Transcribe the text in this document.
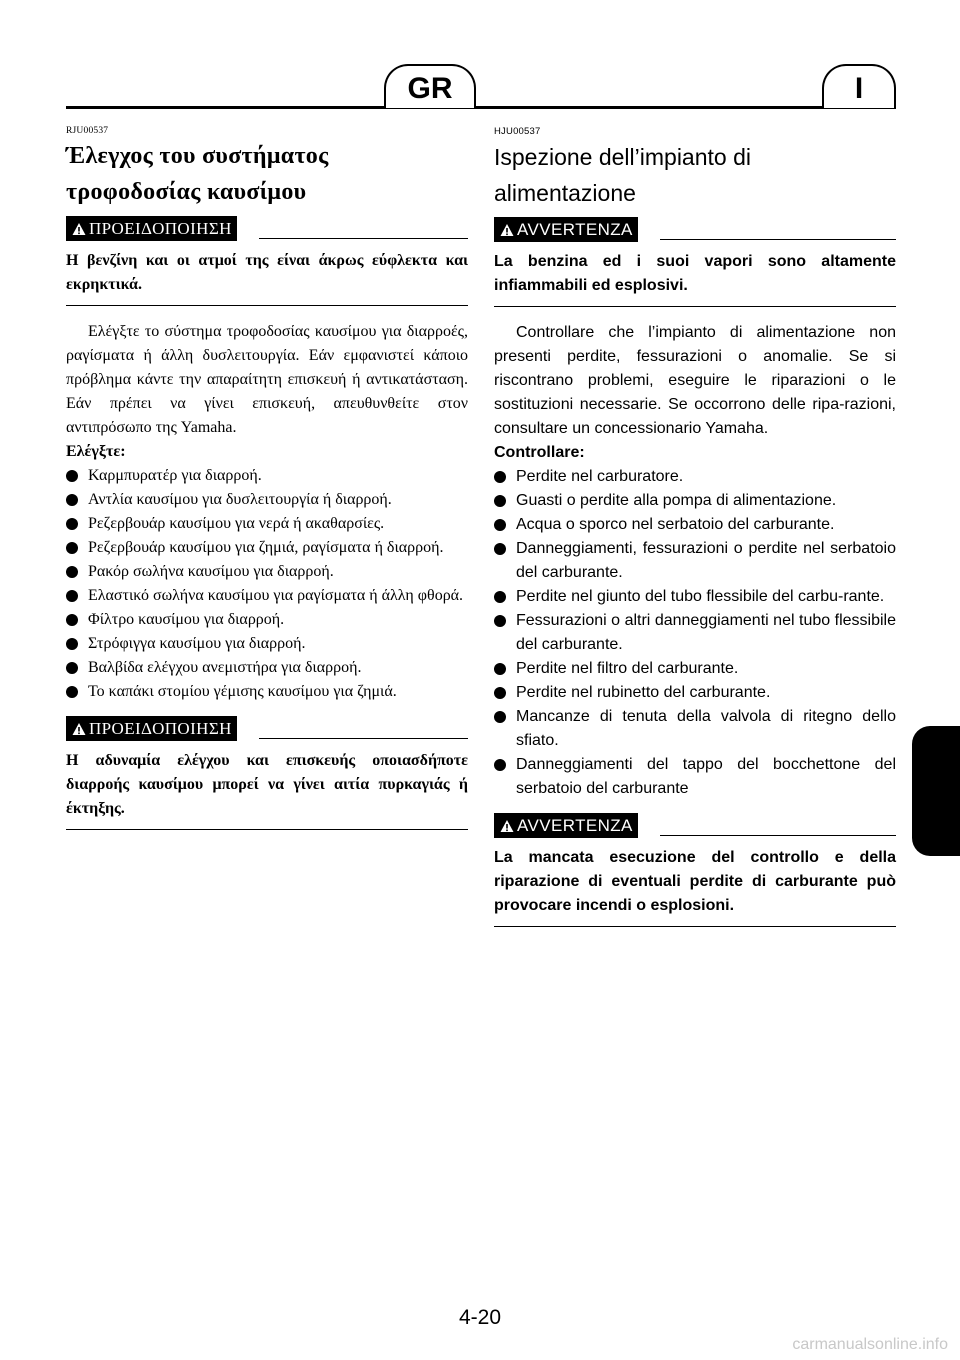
GR	I
RJU00537
Έλεγχος του συστήματος
τροφοδοσίας καυσίμου
ΠΡΟΕΙΔΟΠΟΙΗΣΗ
Η βενζίνη και οι ατμοί της είναι άκρως εύφλεκτα και εκρηκτικά.
Ελέγξτε το σύστημα τροφοδοσίας καυσίμου για διαρροές, ραγίσματα ή άλλη δυσλειτουργία. Εάν εμφανιστεί κάποιο πρόβλημα κάντε την απαραίτητη επισκευή ή αντικατάσταση. Εάν πρέπει να γίνει επισκευή, απευθυνθείτε στον αντιπρόσωπο της Yamaha.
Ελέγξτε:
Καρμπυρατέρ για διαρροή.
Αντλία καυσίμου για δυσλειτουργία ή διαρροή.
Ρεζερβουάρ καυσίμου για νερά ή ακαθαρσίες.
Ρεζερβουάρ καυσίμου για ζημιά, ραγίσματα ή διαρροή.
Ρακόρ σωλήνα καυσίμου για διαρροή.
Ελαστικό σωλήνα καυσίμου για ραγίσματα ή άλλη φθορά.
Φίλτρο καυσίμου για διαρροή.
Στρόφιγγα καυσίμου για διαρροή.
Βαλβίδα ελέγχου ανεμιστήρα για διαρροή.
Το καπάκι στομίου γέμισης καυσίμου για ζημιά.
ΠΡΟΕΙΔΟΠΟΙΗΣΗ
Η αδυναμία ελέγχου και επισκευής οποιασδήποτε διαρροής καυσίμου μπορεί να γίνει αιτία πυρκαγιάς ή έκτηξης.
HJU00537
Ispezione dell’impianto di
alimentazione
AVVERTENZA
La benzina ed i suoi vapori sono altamente infiammabili ed esplosivi.
Controllare che l’impianto di alimentazione non presenti perdite, fessurazioni o anomalie. Se si riscontrano problemi, eseguire le riparazioni o le sostituzioni necessarie. Se occorrono delle ripa-razioni, consultare un concessionario Yamaha.
Controllare:
Perdite nel carburatore.
Guasti o perdite alla pompa di alimentazione.
Acqua o sporco nel serbatoio del carburante.
Danneggiamenti, fessurazioni o perdite nel serbatoio del carburante.
Perdite nel giunto del tubo flessibile del carbu-rante.
Fessurazioni o altri danneggiamenti nel tubo flessibile del carburante.
Perdite nel filtro del carburante.
Perdite nel rubinetto del carburante.
Mancanze di tenuta della valvola di ritegno dello sfiato.
Danneggiamenti del tappo del bocchettone del serbatoio del carburante
AVVERTENZA
La mancata esecuzione del controllo e della riparazione di eventuali perdite di carburante può provocare incendi o esplosioni.
4-20
carmanualsonline.info
